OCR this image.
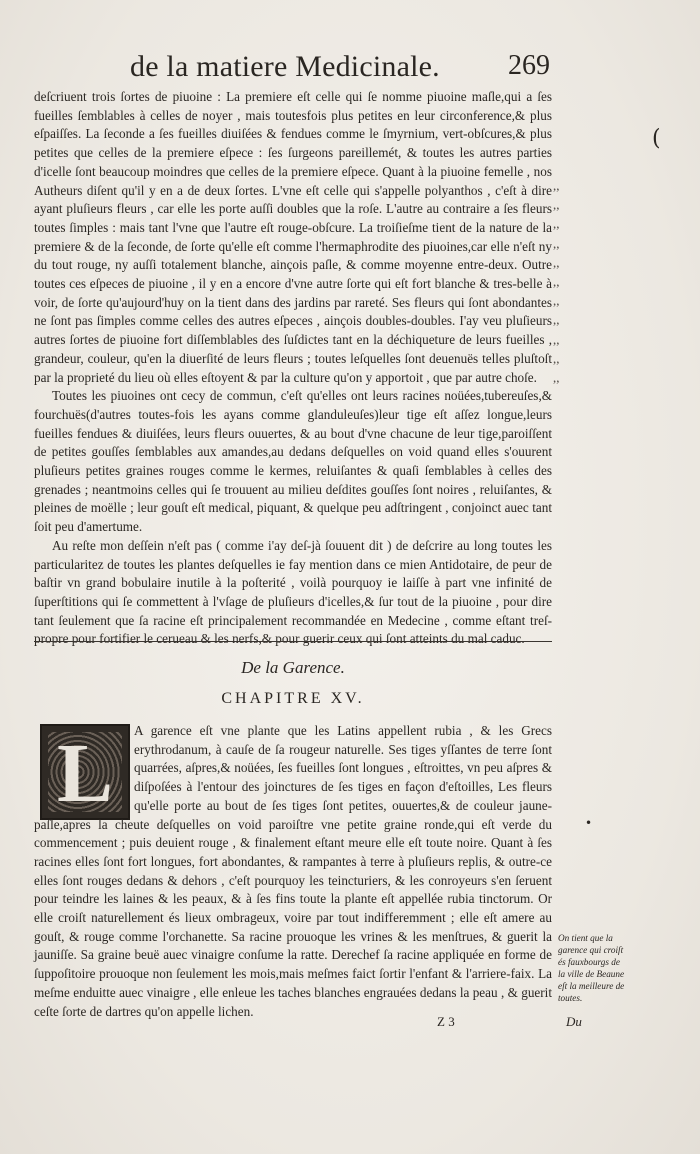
de la matiere Medicinale. 269
(

deſcriuent trois ſortes de piuoine : La premiere eſt celle qui ſe nomme piuoine maſle,qui a ſes fueilles ſemblables à celles de noyer , mais toutesfois plus petites en leur circonference,& plus eſpaiſſes. La ſeconde a ſes fueilles diuiſées & fendues comme le ſmyrnium, vert-obſcures,& plus petites que celles de la premiere eſpece : ſes ſurgeons pareillemét, & toutes les autres parties d'icelle ſont beaucoup moindres que celles de la premiere eſpece. Quant à la piuoine femelle , nos Autheurs diſent qu'il y en a de deux ſortes. L'vne eſt celle qui s'appelle polyanthos , c'eſt à dire ayant pluſieurs fleurs , car elle les porte auſſi doubles que la roſe. L'autre au contraire a ſes fleurs toutes ſimples : mais tant l'vne que l'autre eſt rouge-obſcure. La troiſieſme tient de la nature de la premiere & de la ſeconde, de ſorte qu'elle eſt comme l'hermaphrodite des piuoines,car elle n'eſt ny du tout rouge, ny auſſi totalement blanche, ainçois paſle, & comme moyenne entre-deux. Outre toutes ces eſpeces de piuoine , il y en a encore d'vne autre ſorte qui eſt fort blanche & tres-belle à voir, de ſorte qu'aujourd'huy on la tient dans des jardins par rareté. Ses fleurs qui ſont abondantes ne ſont pas ſimples comme celles des autres eſpeces , ainçois doubles-doubles. I'ay veu pluſieurs autres ſortes de piuoine fort diſſemblables des ſuſdictes tant en la déchiqueture de leurs fueilles , grandeur, couleur, qu'en la diuerſité de leurs fleurs ; toutes leſquelles ſont deuenuës telles pluſtoſt par la proprieté du lieu où elles eſtoyent & par la culture qu'on y apportoit , que par autre choſe.

Toutes les piuoines ont cecy de commun, c'eſt qu'elles ont leurs racines noüées,tubereuſes,& fourchuës(d'autres toutes-fois les ayans comme glanduleuſes)leur tige eſt aſſez longue,leurs fueilles fendues & diuiſées, leurs fleurs ouuertes, & au bout d'vne chacune de leur tige,paroiſſent de petites gouſſes ſemblables aux amandes,au dedans deſquelles on void quand elles s'ouurent pluſieurs petites graines rouges comme le kermes, reluiſantes & quaſi ſemblables à celles des grenades ; neantmoins celles qui ſe trouuent au milieu deſdites gouſſes ſont noires , reluiſantes, & pleines de moëlle ; leur gouſt eſt medical, piquant, & quelque peu adſtringent , conjoinct auec tant ſoit peu d'amertume.

Au reſte mon deſſein n'eſt pas ( comme i'ay deſ-jà ſouuent dit ) de deſcrire au long toutes les particularitez de toutes les plantes deſquelles ie fay mention dans ce mien Antidotaire, de peur de baſtir vn grand bobulaire inutile à la poſterité , voilà pourquoy ie laiſſe à part vne infinité de ſuperſtitions qui ſe commettent à l'vſage de pluſieurs d'icelles,& ſur tout de la piuoine , pour dire tant ſeulement que ſa racine eſt principalement recommandée en Medecine , comme eſtant treſ-propre pour fortifier le cerueau & les nerfs,& pour guerir ceux qui ſont atteints du mal caduc.

,,
,,
,,
,,
,,
,,
,,
,,
,,
,,
,,
De la Garence.
CHAPITRE XV.
L	A garence eſt vne plante que les Latins appellent rubia , & les Grecs erythrodanum, à cauſe de ſa rougeur naturelle. Ses tiges yſſantes de terre ſont quarrées, aſpres,& noüées, ſes fueilles ſont longues , eſtroittes, vn peu aſpres & diſpoſées à l'entour des joinctures de ſes tiges en façon d'eſtoilles, Les fleurs qu'elle porte au bout de ſes tiges ſont petites, ouuertes,& de couleur jaune-paſle,apres la cheute deſquelles on void paroiſtre vne petite graine ronde,qui eſt verde du commencement ; puis deuient rouge , & finalement eſtant meure elle eſt toute noire. Quant à ſes racines elles ſont fort longues, fort abondantes, & rampantes à terre à pluſieurs replis, & outre-ce elles ſont rouges dedans & dehors , c'eſt pourquoy les teincturiers, & les conroyeurs s'en ſeruent pour teindre les laines & les peaux, & à ſes fins toute la plante eſt appellée rubia tinctorum. Or elle croiſt naturellement és lieux ombrageux, voire par tout indifferemment ; elle eſt amere au gouſt, & rouge comme l'orchanette. Sa racine prouoque les vrines & les menſtrues, & guerit la jauniſſe. Sa graine beuë auec vinaigre conſume la ratte. Derechef ſa racine appliquée en forme de ſuppoſitoire prouoque non ſeulement les mois,mais meſmes faict ſortir l'enfant & l'arriere-faix. La meſme enduitte auec vinaigre , elle enleue les taches blanches engrauées dedans la peau , & guerit ceſte ſorte de dartres qu'on appelle lichen.
•
On tient que la garence qui croiſt és fauxbourgs de la ville de Beaune eſt la meilleure de toutes.
Z 3	Du
